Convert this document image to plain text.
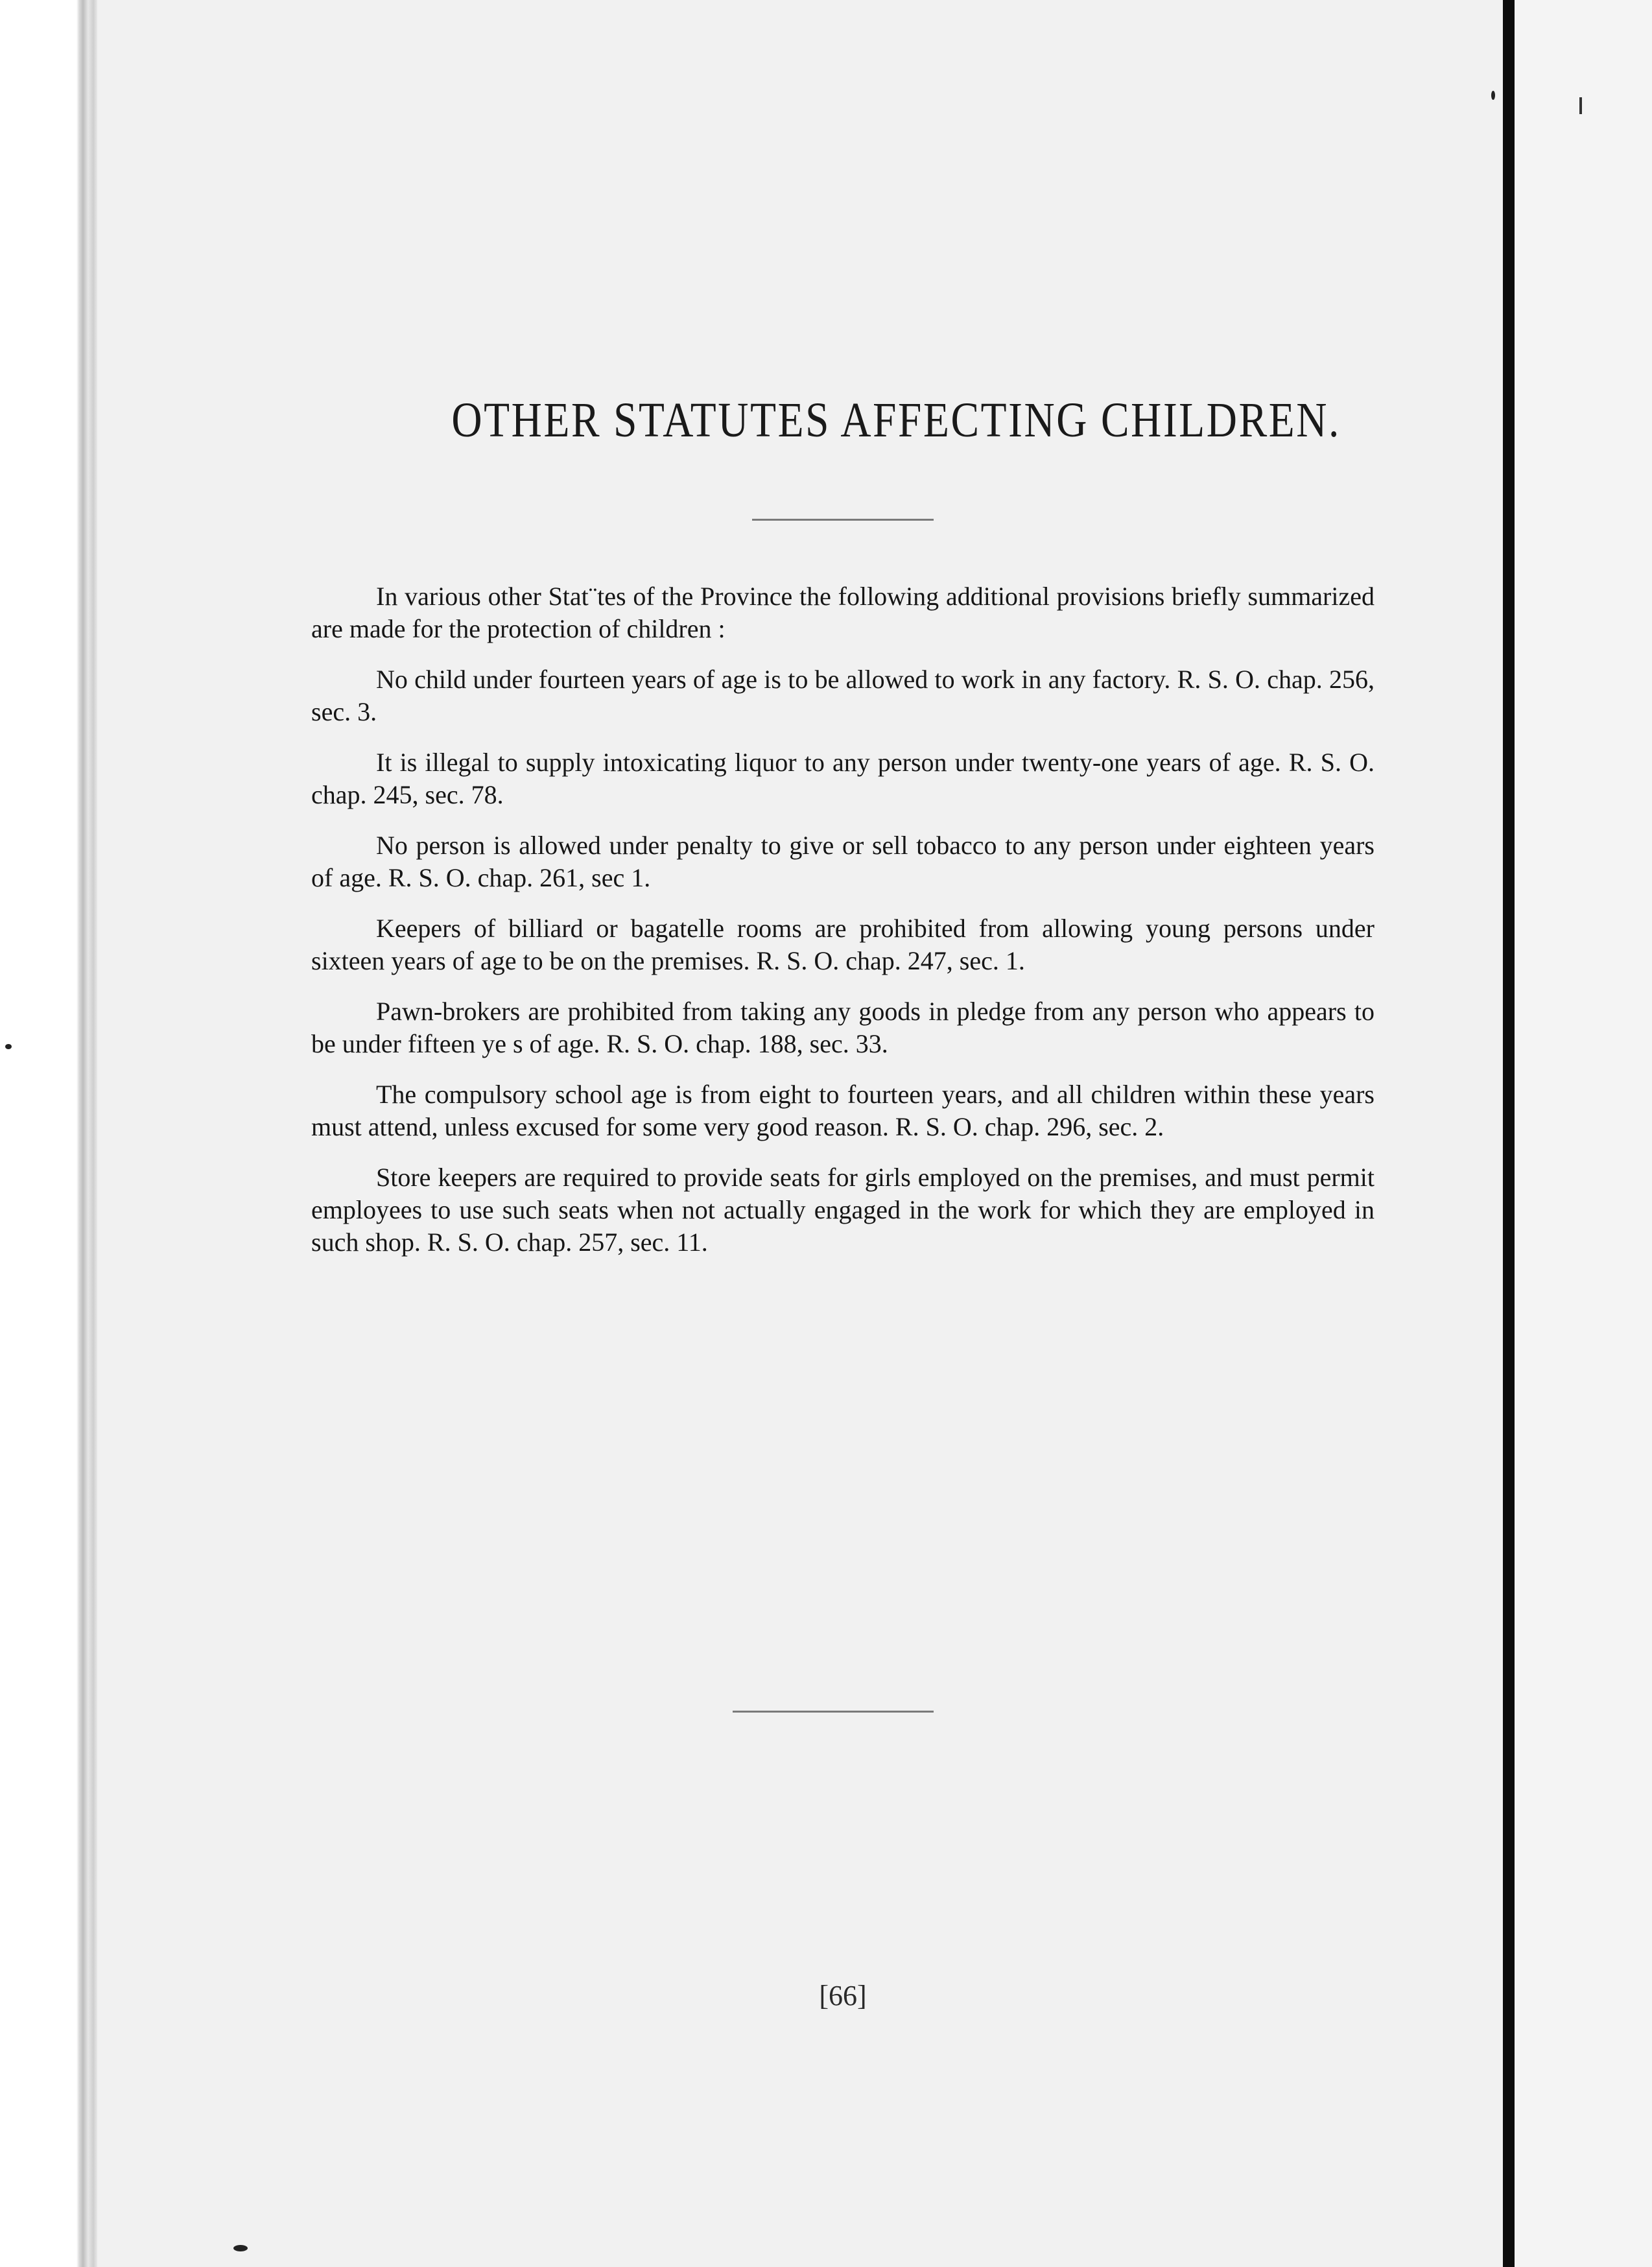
OTHER STATUTES AFFECTING CHILDREN.

In various other Stat¨tes of the Province the following additional provisions briefly summarized are made for the protection of children :

No child under fourteen years of age is to be allowed to work in any factory. R. S. O. chap. 256, sec. 3.

It is illegal to supply intoxicating liquor to any person under twenty-one years of age. R. S. O. chap. 245, sec. 78.

No person is allowed under penalty to give or sell tobacco to any person under eighteen years of age. R. S. O. chap. 261, sec 1.

Keepers of billiard or bagatelle rooms are prohibited from allowing young persons under sixteen years of age to be on the premises. R. S. O. chap. 247, sec. 1.

Pawn-brokers are prohibited from taking any goods in pledge from any person who appears to be under fifteen ye s of age. R. S. O. chap. 188, sec. 33.

The compulsory school age is from eight to fourteen years, and all children within these years must attend, unless excused for some very good reason. R. S. O. chap. 296, sec. 2.

Store keepers are required to provide seats for girls employed on the premises, and must permit employees to use such seats when not actually engaged in the work for which they are employed in such shop. R. S. O. chap. 257, sec. 11.

[66]
